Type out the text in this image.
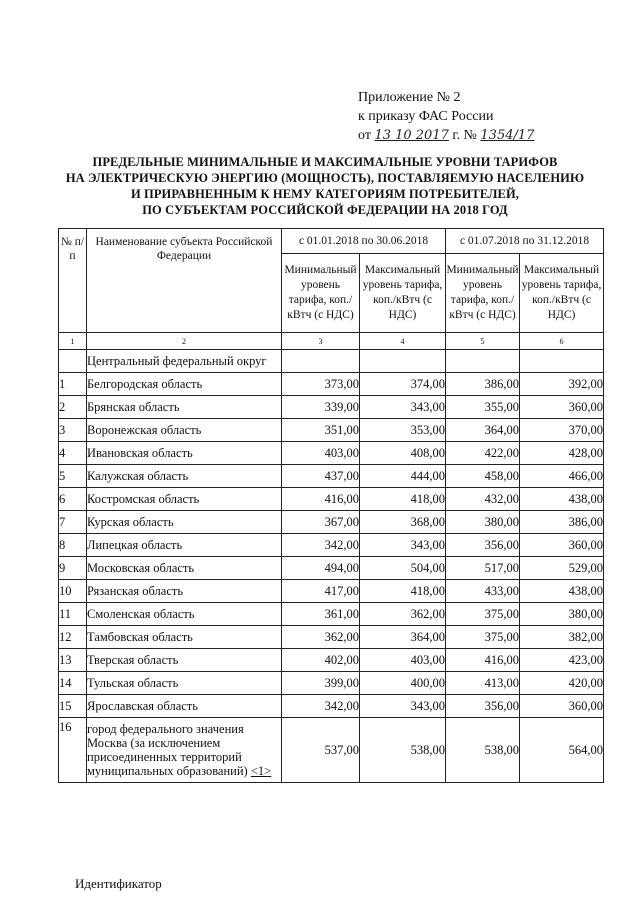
Приложение № 2
к приказу ФАС России
от 13 10 2017 г. № 1354/17
ПРЕДЕЛЬНЫЕ МИНИМАЛЬНЫЕ И МАКСИМАЛЬНЫЕ УРОВНИ ТАРИФОВ
НА ЭЛЕКТРИЧЕСКУЮ ЭНЕРГИЮ (МОЩНОСТЬ), ПОСТАВЛЯЕМУЮ НАСЕЛЕНИЮ
И ПРИРАВНЕННЫМ К НЕМУ КАТЕГОРИЯМ ПОТРЕБИТЕЛЕЙ,
ПО СУБЪЕКТАМ РОССИЙСКОЙ ФЕДЕРАЦИИ НА 2018 ГОД
№ п/п	Наименование субъекта Российской Федерации	с 01.01.2018 по 30.06.2018		с 01.07.2018 по 31.12.2018	
		Минимальный уровень тарифа, коп./кВтч (с НДС)	Максимальный уровень тарифа, коп./кВтч (с НДС)	Минимальный уровень тарифа, коп./кВтч (с НДС)	Максимальный уровень тарифа, коп./кВтч (с НДС)
1	2	3	4	5	6
	Центральный федеральный округ				
1	Белгородская область	373,00	374,00	386,00	392,00
2	Брянская область	339,00	343,00	355,00	360,00
3	Воронежская область	351,00	353,00	364,00	370,00
4	Ивановская область	403,00	408,00	422,00	428,00
5	Калужская область	437,00	444,00	458,00	466,00
6	Костромская область	416,00	418,00	432,00	438,00
7	Курская область	367,00	368,00	380,00	386,00
8	Липецкая область	342,00	343,00	356,00	360,00
9	Московская область	494,00	504,00	517,00	529,00
10	Рязанская область	417,00	418,00	433,00	438,00
11	Смоленская область	361,00	362,00	375,00	380,00
12	Тамбовская область	362,00	364,00	375,00	382,00
13	Тверская область	402,00	403,00	416,00	423,00
14	Тульская область	399,00	400,00	413,00	420,00
15	Ярославская область	342,00	343,00	356,00	360,00
16	город федерального значения Москва (за исключением присоединенных территорий муниципальных образований) <1>	537,00	538,00	538,00	564,00
Идентификатор
